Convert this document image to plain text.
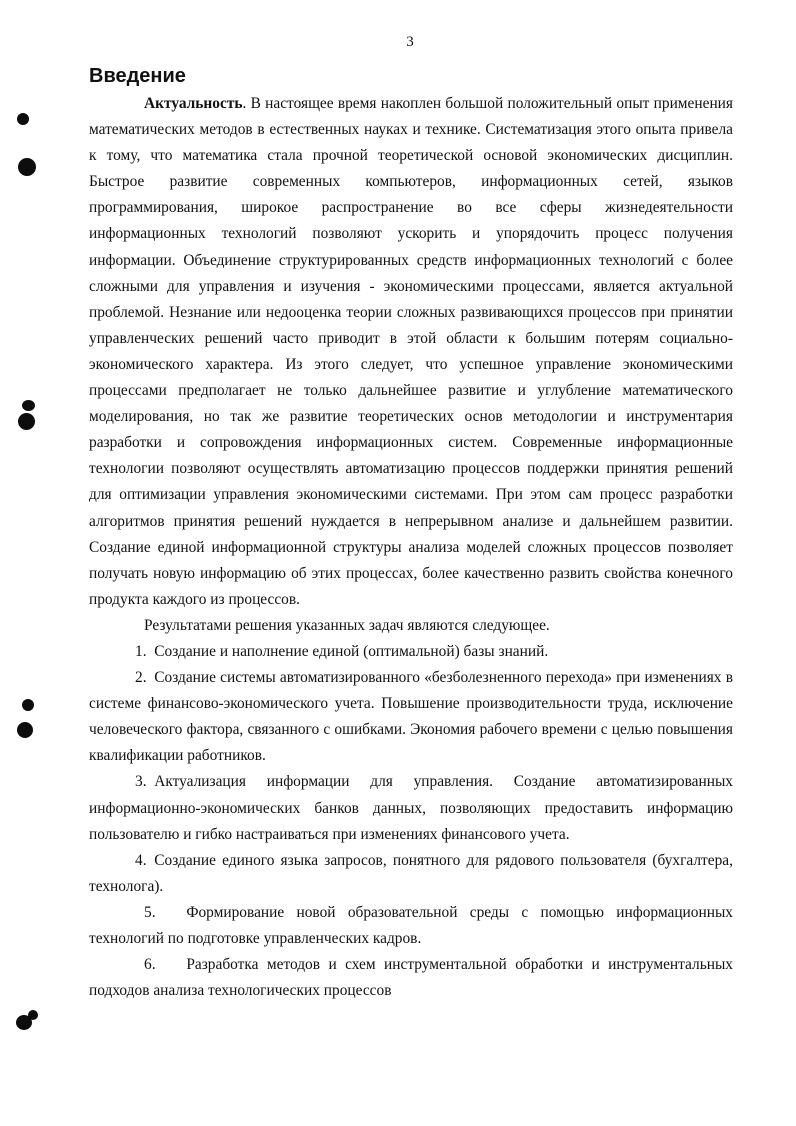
3
Введение

Актуальность. В настоящее время накоплен большой положительный опыт применения математических методов в естественных науках и технике. Систематизация этого опыта привела к тому, что математика стала прочной теоретической основой экономических дисциплин. Быстрое развитие современных компьютеров, информационных сетей, языков программирования, широкое распространение во все сферы жизнедеятельности информационных технологий позволяют ускорить и упорядочить процесс получения информации. Объединение структурированных средств информационных технологий с более сложными для управления и изучения - экономическими процессами, является актуальной проблемой. Незнание или недооценка теории сложных развивающихся процессов при принятии управленческих решений часто приводит в этой области к большим потерям социально-экономического характера. Из этого следует, что успешное управление экономическими процессами предполагает не только дальнейшее развитие и углубление математического моделирования, но так же развитие теоретических основ методологии и инструментария разработки и сопровождения информационных систем. Современные информационные технологии позволяют осуществлять автоматизацию процессов поддержки принятия решений для оптимизации управления экономическими системами. При этом сам процесс разработки алгоритмов принятия решений нуждается в непрерывном анализе и дальнейшем развитии. Создание единой информационной структуры анализа моделей сложных процессов позволяет получать новую информацию об этих процессах, более качественно развить свойства конечного продукта каждого из процессов.

Результатами решения указанных задач являются следующее.

1. Создание и наполнение единой (оптимальной) базы знаний.

2. Создание системы автоматизированного «безболезненного перехода» при изменениях в системе финансово-экономического учета. Повышение производительности труда, исключение человеческого фактора, связанного с ошибками. Экономия рабочего времени с целью повышения квалификации работников.

3. Актуализация информации для управления. Создание автоматизированных информационно-экономических банков данных, позволяющих предоставить информацию пользователю и гибко настраиваться при изменениях финансового учета.

4. Создание единого языка запросов, понятного для рядового пользователя (бухгалтера, технолога).

5.  Формирование новой образовательной среды с помощью информационных технологий по подготовке управленческих кадров.

6.  Разработка методов и схем инструментальной обработки и инструментальных подходов анализа технологических процессов
